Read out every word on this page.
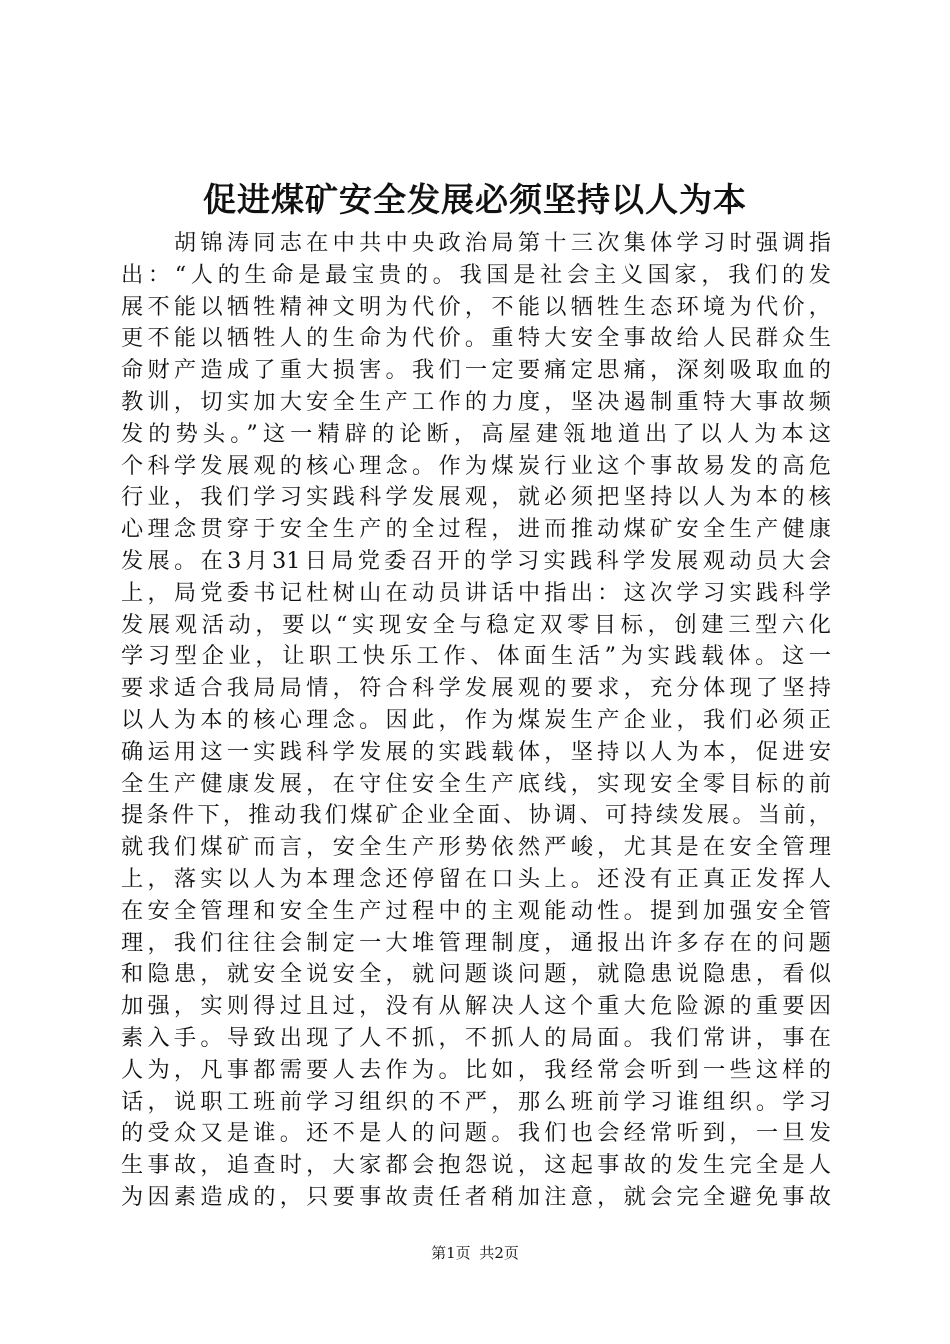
促进煤矿安全发展必须坚持以人为本
　　胡锦涛同志在中共中央政治局第十三次集体学习时强调指
出：“人的生命是最宝贵的。我国是社会主义国家，我们的发
展不能以牺牲精神文明为代价，不能以牺牲生态环境为代价，
更不能以牺牲人的生命为代价。重特大安全事故给人民群众生
命财产造成了重大损害。我们一定要痛定思痛，深刻吸取血的
教训，切实加大安全生产工作的力度，坚决遏制重特大事故频
发的势头。”这一精辟的论断，高屋建瓴地道出了以人为本这
个科学发展观的核心理念。作为煤炭行业这个事故易发的高危
行业，我们学习实践科学发展观，就必须把坚持以人为本的核
心理念贯穿于安全生产的全过程，进而推动煤矿安全生产健康
发展。在3月31日局党委召开的学习实践科学发展观动员大会
上，局党委书记杜树山在动员讲话中指出：这次学习实践科学
发展观活动，要以“实现安全与稳定双零目标，创建三型六化
学习型企业，让职工快乐工作、体面生活”为实践载体。这一
要求适合我局局情，符合科学发展观的要求，充分体现了坚持
以人为本的核心理念。因此，作为煤炭生产企业，我们必须正
确运用这一实践科学发展的实践载体，坚持以人为本，促进安
全生产健康发展，在守住安全生产底线，实现安全零目标的前
提条件下，推动我们煤矿企业全面、协调、可持续发展。当前，
就我们煤矿而言，安全生产形势依然严峻，尤其是在安全管理
上，落实以人为本理念还停留在口头上。还没有正真正发挥人
在安全管理和安全生产过程中的主观能动性。提到加强安全管
理，我们往往会制定一大堆管理制度，通报出许多存在的问题
和隐患，就安全说安全，就问题谈问题，就隐患说隐患，看似
加强，实则得过且过，没有从解决人这个重大危险源的重要因
素入手。导致出现了人不抓，不抓人的局面。我们常讲，事在
人为，凡事都需要人去作为。比如，我经常会听到一些这样的
话，说职工班前学习组织的不严，那么班前学习谁组织。学习
的受众又是谁。还不是人的问题。我们也会经常听到，一旦发
生事故，追查时，大家都会抱怨说，这起事故的发生完全是人
为因素造成的，只要事故责任者稍加注意，就会完全避免事故
第1页 共2页
